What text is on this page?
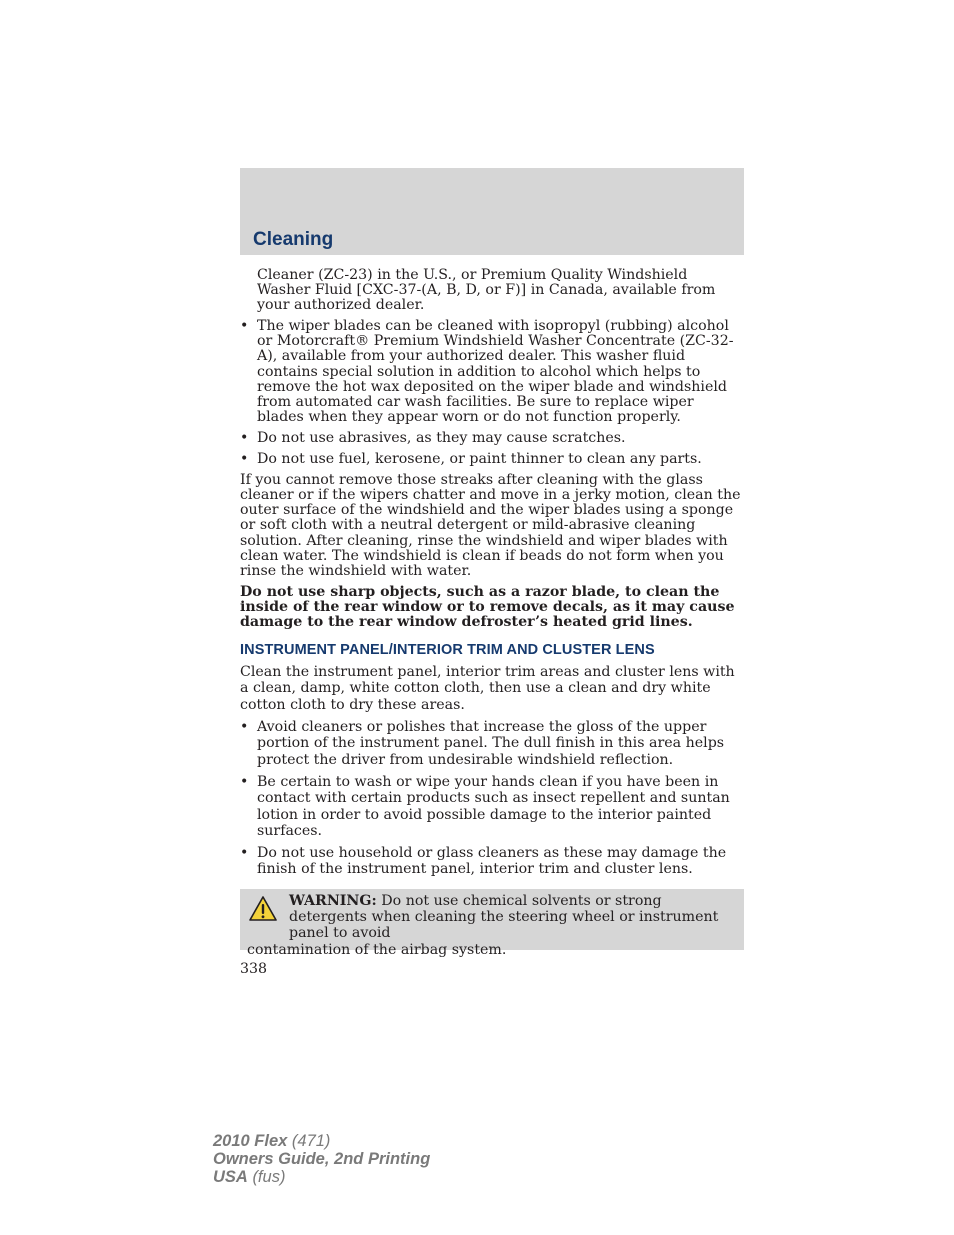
Cleaning

Cleaner (ZC-23) in the U.S., or Premium Quality Windshield Washer Fluid [CXC-37-(A, B, D, or F)] in Canada, available from your authorized dealer.

• The wiper blades can be cleaned with isopropyl (rubbing) alcohol or Motorcraft® Premium Windshield Washer Concentrate (ZC-32-A), available from your authorized dealer. This washer fluid contains special solution in addition to alcohol which helps to remove the hot wax deposited on the wiper blade and windshield from automated car wash facilities. Be sure to replace wiper blades when they appear worn or do not function properly.

• Do not use abrasives, as they may cause scratches.

• Do not use fuel, kerosene, or paint thinner to clean any parts.

If you cannot remove those streaks after cleaning with the glass cleaner or if the wipers chatter and move in a jerky motion, clean the outer surface of the windshield and the wiper blades using a sponge or soft cloth with a neutral detergent or mild-abrasive cleaning solution. After cleaning, rinse the windshield and wiper blades with clean water. The windshield is clean if beads do not form when you rinse the windshield with water.

Do not use sharp objects, such as a razor blade, to clean the inside of the rear window or to remove decals, as it may cause damage to the rear window defroster’s heated grid lines.

INSTRUMENT PANEL/INTERIOR TRIM AND CLUSTER LENS

Clean the instrument panel, interior trim areas and cluster lens with a clean, damp, white cotton cloth, then use a clean and dry white cotton cloth to dry these areas.

• Avoid cleaners or polishes that increase the gloss of the upper portion of the instrument panel. The dull finish in this area helps protect the driver from undesirable windshield reflection.

• Be certain to wash or wipe your hands clean if you have been in contact with certain products such as insect repellent and suntan lotion in order to avoid possible damage to the interior painted surfaces.

• Do not use household or glass cleaners as these may damage the finish of the instrument panel, interior trim and cluster lens.

WARNING: Do not use chemical solvents or strong detergents when cleaning the steering wheel or instrument panel to avoid
contamination of the airbag system.
338
2010 Flex (471)
Owners Guide, 2nd Printing
USA (fus)
